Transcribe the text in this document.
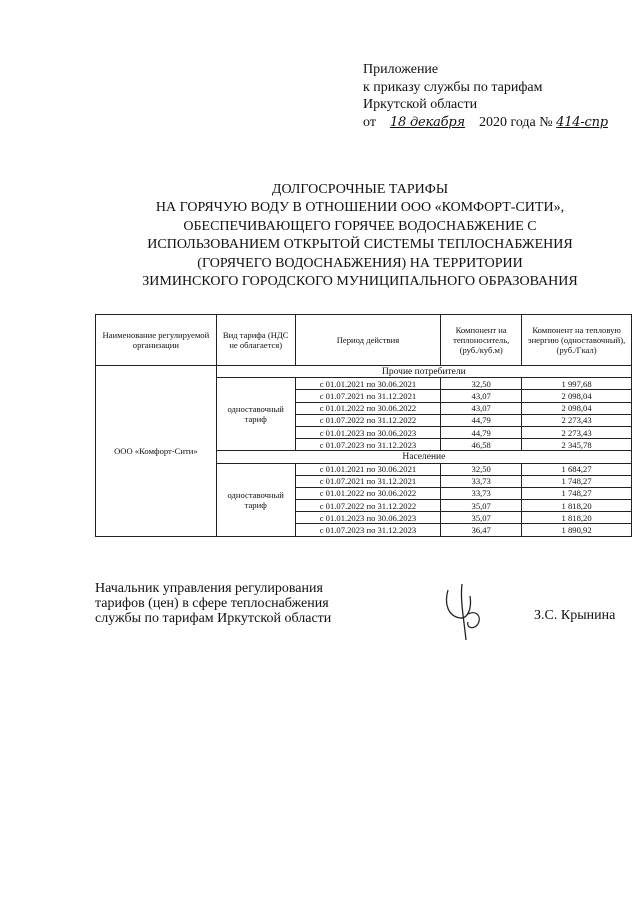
Приложение
к приказу службы по тарифам
Иркутской области
от 18 декабря 2020 года № 414-спр
ДОЛГОСРОЧНЫЕ ТАРИФЫ
НА ГОРЯЧУЮ ВОДУ В ОТНОШЕНИИ ООО «КОМФОРТ-СИТИ»,
ОБЕСПЕЧИВАЮЩЕГО ГОРЯЧЕЕ ВОДОСНАБЖЕНИЕ С
ИСПОЛЬЗОВАНИЕМ ОТКРЫТОЙ СИСТЕМЫ ТЕПЛОСНАБЖЕНИЯ
(ГОРЯЧЕГО ВОДОСНАБЖЕНИЯ) НА ТЕРРИТОРИИ
ЗИМИНСКОГО ГОРОДСКОГО МУНИЦИПАЛЬНОГО ОБРАЗОВАНИЯ
Наименование регулируемой организации	Вид тарифа (НДС не облагается)	Период действия	Компонент на теплоноситель, (руб./куб.м)	Компонент на тепловую энергию (одноставочный), (руб./Гкал)
ООО «Комфорт-Сити»	Прочие потребители			
	одноставочный тариф	с 01.01.2021 по 30.06.2021	32,50	1 997,68
		с 01.07.2021 по 31.12.2021	43,07	2 098,04
		с 01.01.2022 по 30.06.2022	43,07	2 098,04
		с 01.07.2022 по 31.12.2022	44,79	2 273,43
		с 01.01.2023 по 30.06.2023	44,79	2 273,43
		с 01.07.2023 по 31.12.2023	46,58	2 345,78
	Население			
	одноставочный тариф	с 01.01.2021 по 30.06.2021	32,50	1 684,27
		с 01.07.2021 по 31.12.2021	33,73	1 748,27
		с 01.01.2022 по 30.06.2022	33,73	1 748,27
		с 01.07.2022 по 31.12.2022	35,07	1 818,20
		с 01.01.2023 по 30.06.2023	35,07	1 818,20
		с 01.07.2023 по 31.12.2023	36,47	1 890,92
Начальник управления регулирования
тарифов (цен) в сфере теплоснабжения
службы по тарифам Иркутской области	З.С. Крынина
